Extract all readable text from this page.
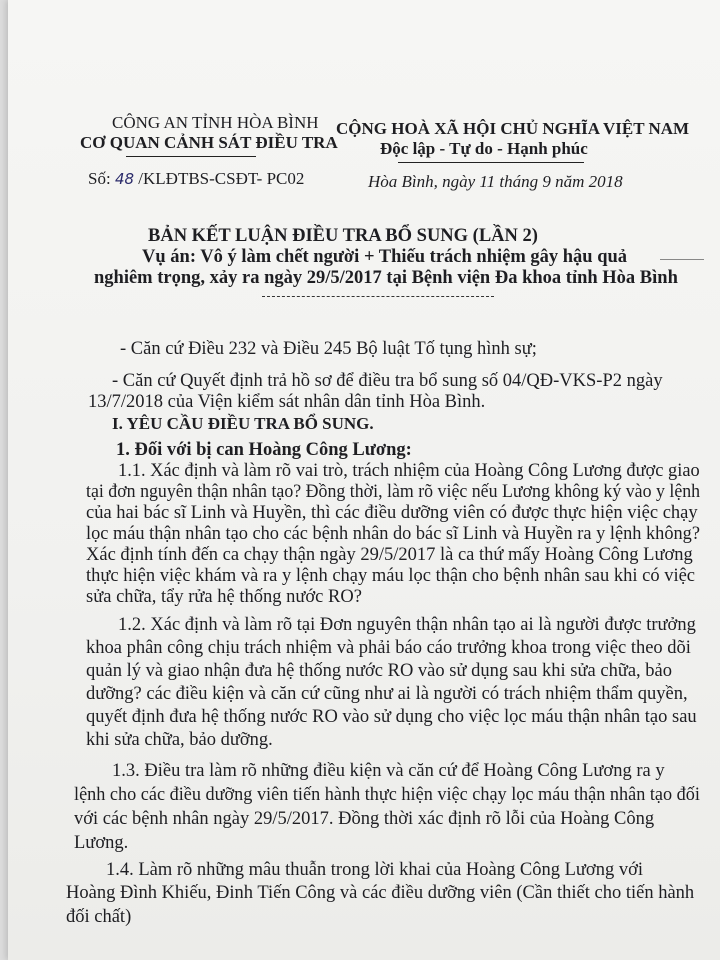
CÔNG AN TỈNH HÒA BÌNH
CƠ QUAN CẢNH SÁT ĐIỀU TRA
CỘNG HOÀ XÃ HỘI CHỦ NGHĨA VIỆT NAM
Độc lập - Tự do - Hạnh phúc
Số: 48 /KLĐTBS-CSĐT- PC02	Hòa Bình, ngày 11 tháng 9 năm 2018
BẢN KẾT LUẬN ĐIỀU TRA BỔ SUNG (LẦN 2)
Vụ án: Vô ý làm chết người + Thiếu trách nhiệm gây hậu quả
nghiêm trọng, xảy ra ngày 29/5/2017 tại Bệnh viện Đa khoa tỉnh Hòa Bình
- Căn cứ Điều 232 và Điều 245 Bộ luật Tố tụng hình sự;
- Căn cứ Quyết định trả hồ sơ để điều tra bổ sung số 04/QĐ-VKS-P2 ngày
13/7/2018 của Viện kiểm sát nhân dân tỉnh Hòa Bình.
I. YÊU CẦU ĐIỀU TRA BỔ SUNG.
1. Đối với bị can Hoàng Công Lương:
1.1. Xác định và làm rõ vai trò, trách nhiệm của Hoàng Công Lương được giao
tại đơn nguyên thận nhân tạo? Đồng thời, làm rõ việc nếu Lương không ký vào y lệnh
của hai bác sĩ Linh và Huyền, thì các điều dưỡng viên có được thực hiện việc chạy
lọc máu thận nhân tạo cho các bệnh nhân do bác sĩ Linh và Huyền ra y lệnh không?
Xác định tính đến ca chạy thận ngày 29/5/2017 là ca thứ mấy Hoàng Công Lương
thực hiện việc khám và ra y lệnh chạy máu lọc thận cho bệnh nhân sau khi có việc
sửa chữa, tẩy rửa hệ thống nước RO?
1.2. Xác định và làm rõ tại Đơn nguyên thận nhân tạo ai là người được trưởng
khoa phân công chịu trách nhiệm và phải báo cáo trưởng khoa trong việc theo dõi
quản lý và giao nhận đưa hệ thống nước RO vào sử dụng sau khi sửa chữa, bảo
dưỡng? các điều kiện và căn cứ cũng như ai là người có trách nhiệm thẩm quyền,
quyết định đưa hệ thống nước RO vào sử dụng cho việc lọc máu thận nhân tạo sau
khi sửa chữa, bảo dưỡng.
1.3. Điều tra làm rõ những điều kiện và căn cứ để Hoàng Công Lương ra y
lệnh cho các điều dưỡng viên tiến hành thực hiện việc chạy lọc máu thận nhân tạo đối
với các bệnh nhân ngày 29/5/2017. Đồng thời xác định rõ lỗi của Hoàng Công
Lương.
1.4. Làm rõ những mâu thuẫn trong lời khai của Hoàng Công Lương với
Hoàng Đình Khiếu, Đinh Tiến Công và các điều dưỡng viên (Cần thiết cho tiến hành
đối chất)
